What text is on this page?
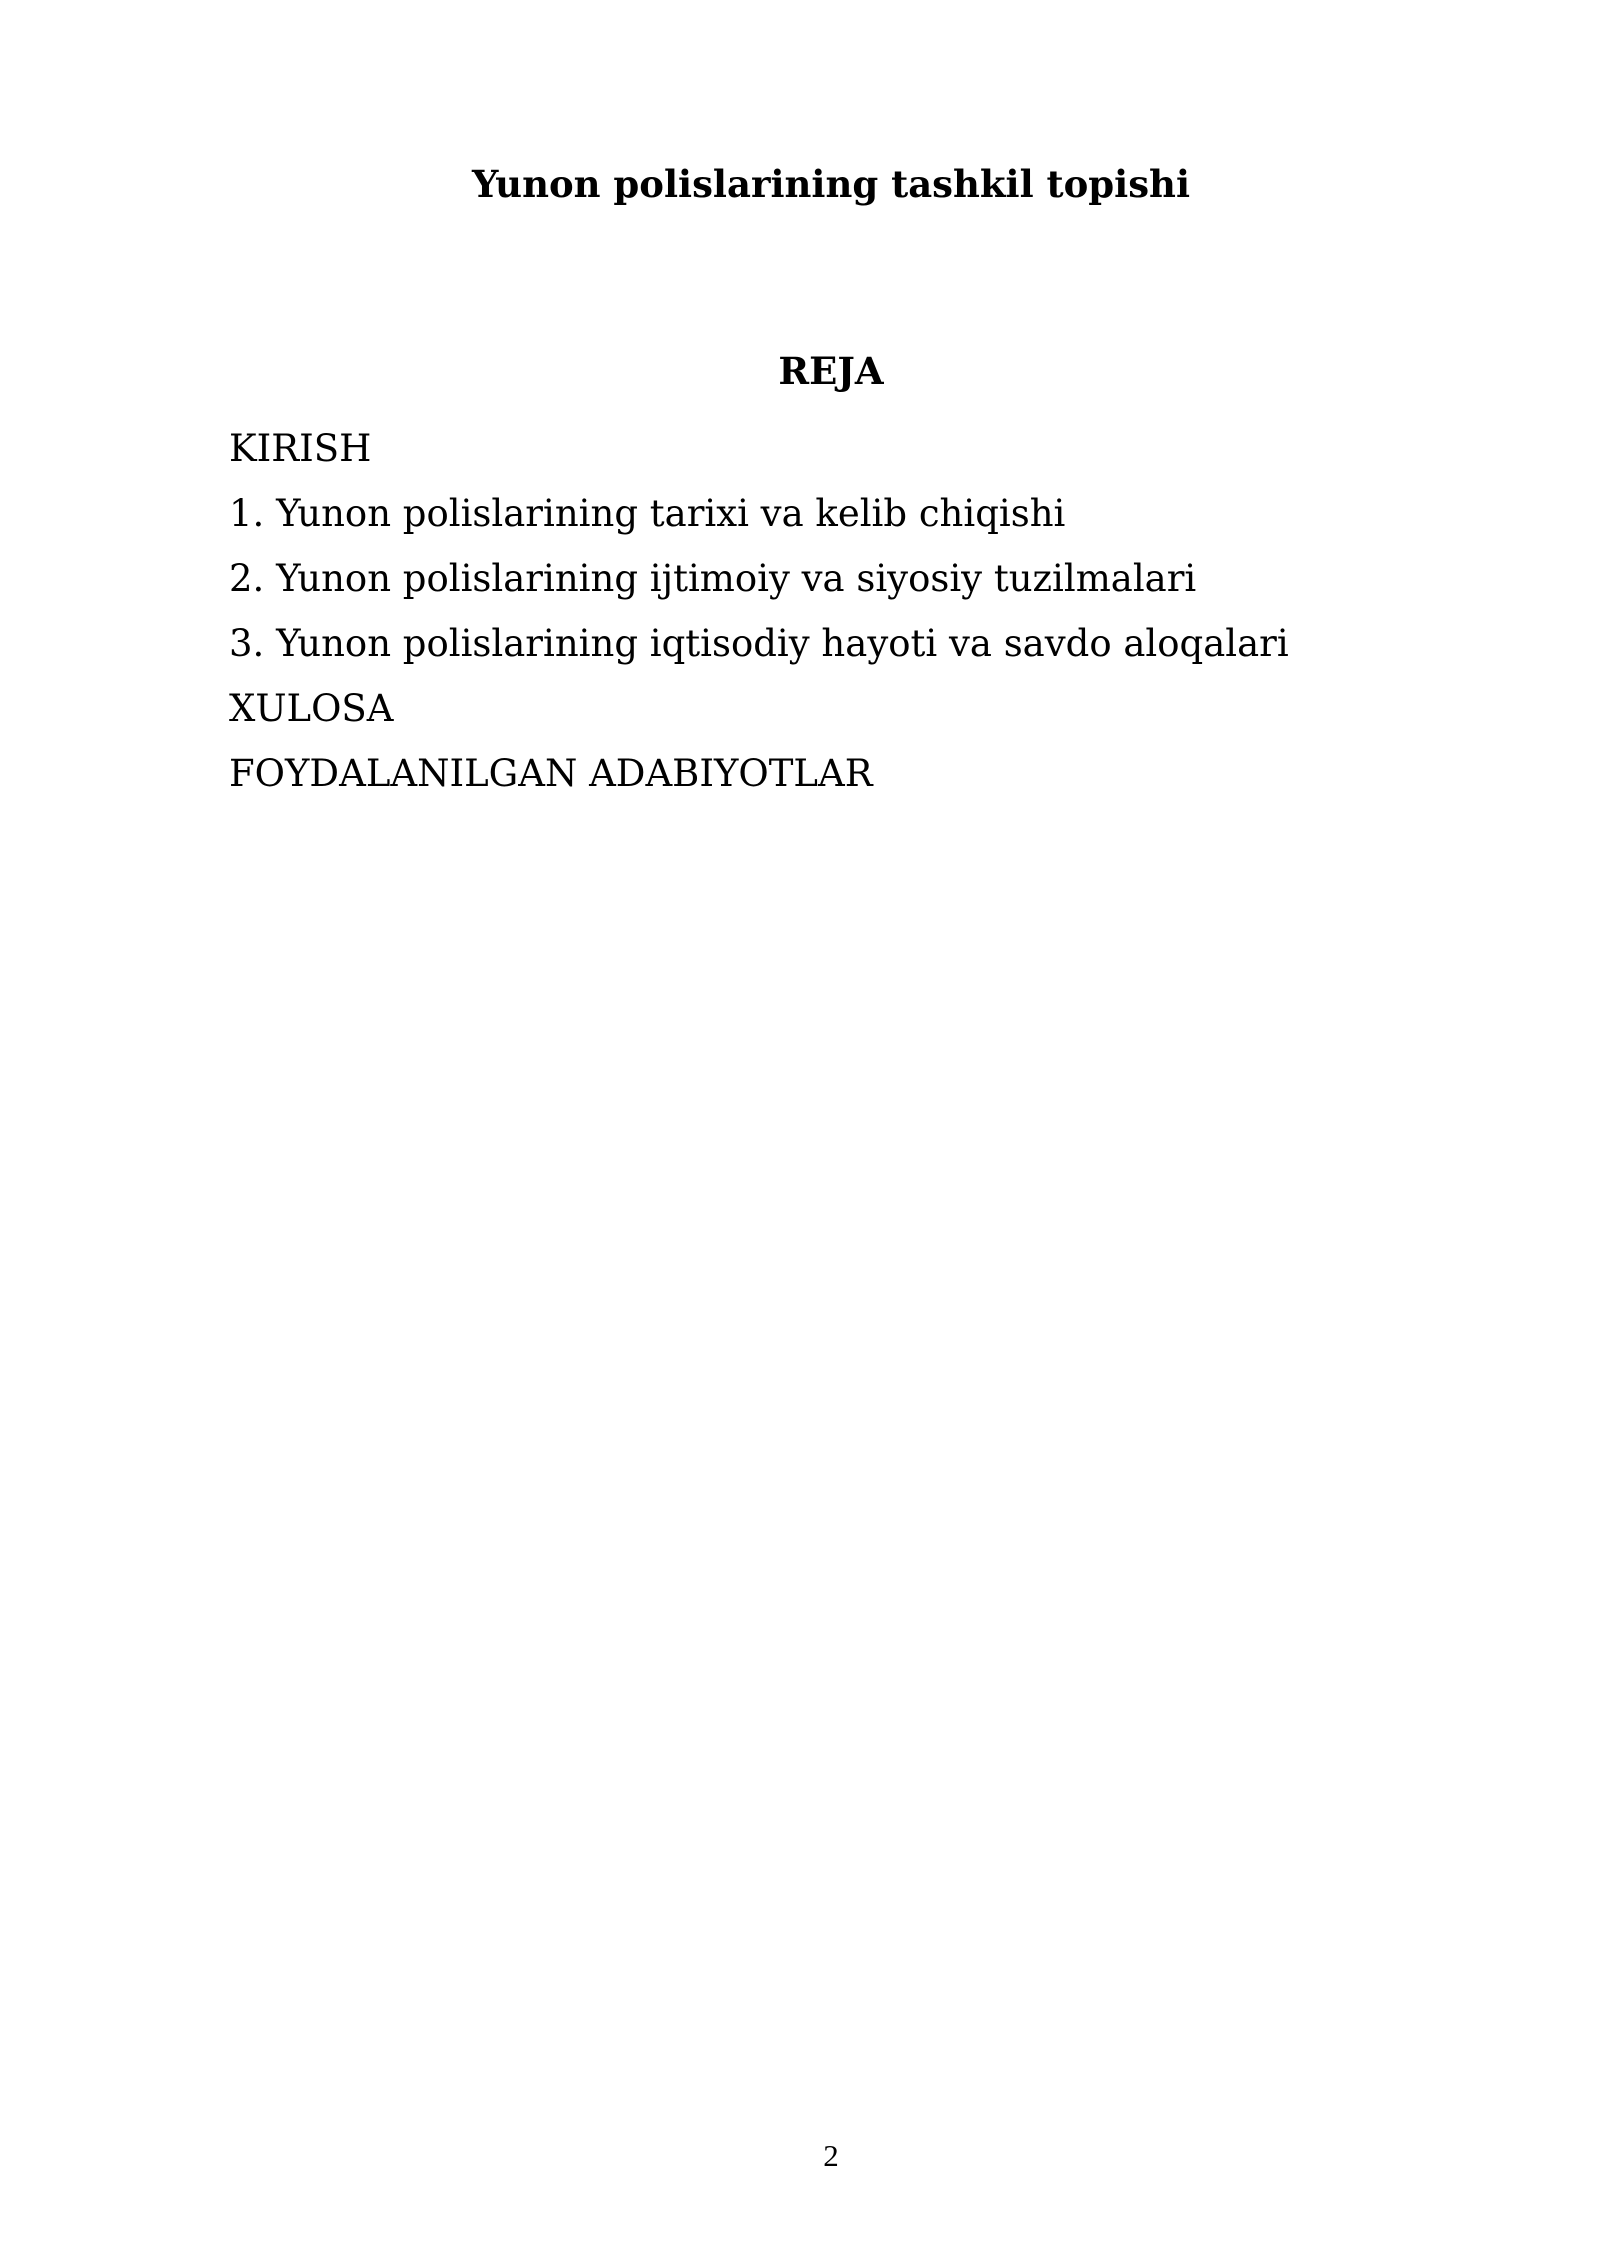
Yunon polislarining tashkil topishi
REJA
KIRISH
1. Yunon polislarining tarixi va kelib chiqishi
2. Yunon polislarining ijtimoiy va siyosiy tuzilmalari
3. Yunon polislarining iqtisodiy hayoti va savdo aloqalari
XULOSA
FOYDALANILGAN ADABIYOTLAR
2
